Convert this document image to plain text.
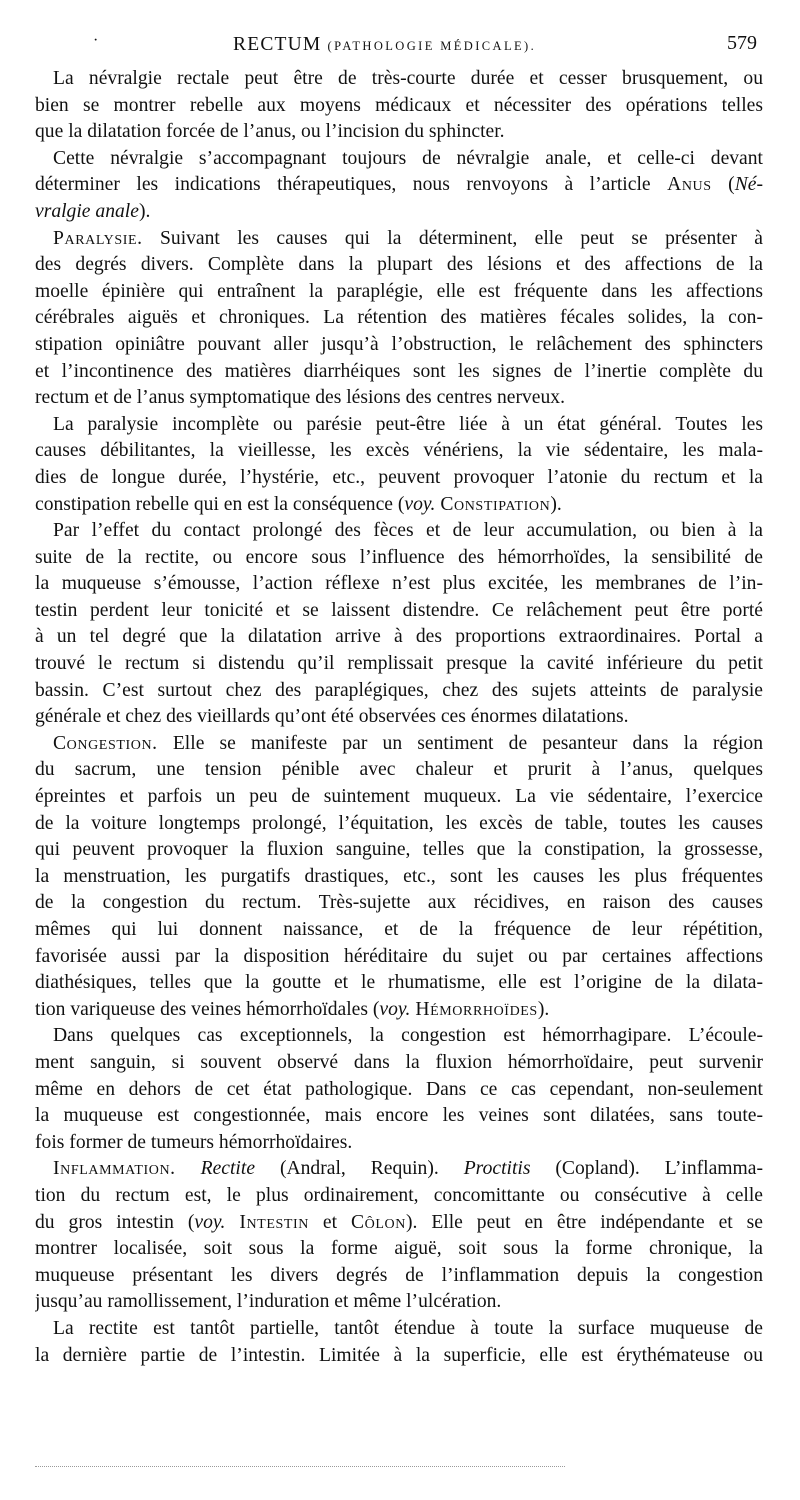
·	RECTUM (PATHOLOGIE MÉDICALE).	579
La névralgie rectale peut être de très-courte durée et cesser brusquement, ou
bien se montrer rebelle aux moyens médicaux et nécessiter des opérations telles
que la dilatation forcée de l’anus, ou l’incision du sphincter.
Cette névralgie s’accompagnant toujours de névralgie anale, et celle-ci devant
déterminer les indications thérapeutiques, nous renvoyons à l’article Anus (Né-
vralgie anale).
Paralysie. Suivant les causes qui la déterminent, elle peut se présenter à
des degrés divers. Complète dans la plupart des lésions et des affections de la
moelle épinière qui entraînent la paraplégie, elle est fréquente dans les affections
cérébrales aiguës et chroniques. La rétention des matières fécales solides, la con-
stipation opiniâtre pouvant aller jusqu’à l’obstruction, le relâchement des sphincters
et l’incontinence des matières diarrhéiques sont les signes de l’inertie complète du
rectum et de l’anus symptomatique des lésions des centres nerveux.
La paralysie incomplète ou parésie peut-être liée à un état général. Toutes les
causes débilitantes, la vieillesse, les excès vénériens, la vie sédentaire, les mala-
dies de longue durée, l’hystérie, etc., peuvent provoquer l’atonie du rectum et la
constipation rebelle qui en est la conséquence (voy. Constipation).
Par l’effet du contact prolongé des fèces et de leur accumulation, ou bien à la
suite de la rectite, ou encore sous l’influence des hémorrhoïdes, la sensibilité de
la muqueuse s’émousse, l’action réflexe n’est plus excitée, les membranes de l’in-
testin perdent leur tonicité et se laissent distendre. Ce relâchement peut être porté
à un tel degré que la dilatation arrive à des proportions extraordinaires. Portal a
trouvé le rectum si distendu qu’il remplissait presque la cavité inférieure du petit
bassin. C’est surtout chez des paraplégiques, chez des sujets atteints de paralysie
générale et chez des vieillards qu’ont été observées ces énormes dilatations.
Congestion. Elle se manifeste par un sentiment de pesanteur dans la région
du sacrum, une tension pénible avec chaleur et prurit à l’anus, quelques
épreintes et parfois un peu de suintement muqueux. La vie sédentaire, l’exercice
de la voiture longtemps prolongé, l’équitation, les excès de table, toutes les causes
qui peuvent provoquer la fluxion sanguine, telles que la constipation, la grossesse,
la menstruation, les purgatifs drastiques, etc., sont les causes les plus fréquentes
de la congestion du rectum. Très-sujette aux récidives, en raison des causes
mêmes qui lui donnent naissance, et de la fréquence de leur répétition,
favorisée aussi par la disposition héréditaire du sujet ou par certaines affections
diathésiques, telles que la goutte et le rhumatisme, elle est l’origine de la dilata-
tion variqueuse des veines hémorrhoïdales (voy. Hémorrhoïdes).
Dans quelques cas exceptionnels, la congestion est hémorrhagipare. L’écoule-
ment sanguin, si souvent observé dans la fluxion hémorrhoïdaire, peut survenir
même en dehors de cet état pathologique. Dans ce cas cependant, non-seulement
la muqueuse est congestionnée, mais encore les veines sont dilatées, sans toute-
fois former de tumeurs hémorrhoïdaires.
Inflammation. Rectite (Andral, Requin). Proctitis (Copland). L’inflamma-
tion du rectum est, le plus ordinairement, concomittante ou consécutive à celle
du gros intestin (voy. Intestin et Côlon). Elle peut en être indépendante et se
montrer localisée, soit sous la forme aiguë, soit sous la forme chronique, la
muqueuse présentant les divers degrés de l’inflammation depuis la congestion
jusqu’au ramollissement, l’induration et même l’ulcération.
La rectite est tantôt partielle, tantôt étendue à toute la surface muqueuse de
la dernière partie de l’intestin. Limitée à la superficie, elle est érythémateuse ou
